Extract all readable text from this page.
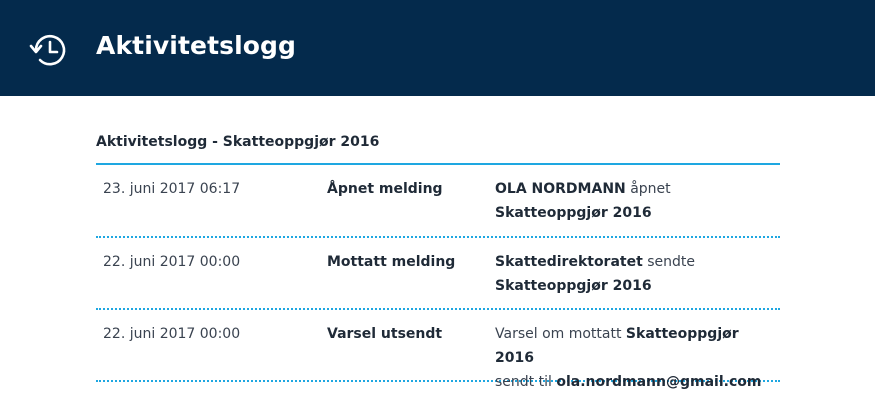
Aktivitetslogg
Aktivitetslogg - Skatteoppgjør 2016
23. juni 2017 06:17	Åpnet melding	OLA NORDMANN åpnet Skatteoppgjør 2016
22. juni 2017 00:00	Mottatt melding	Skattedirektoratet sendte
Skatteoppgjør 2016
22. juni 2017 00:00	Varsel utsendt	Varsel om mottatt Skatteoppgjør 2016
sendt til ola.nordmann@gmail.com
